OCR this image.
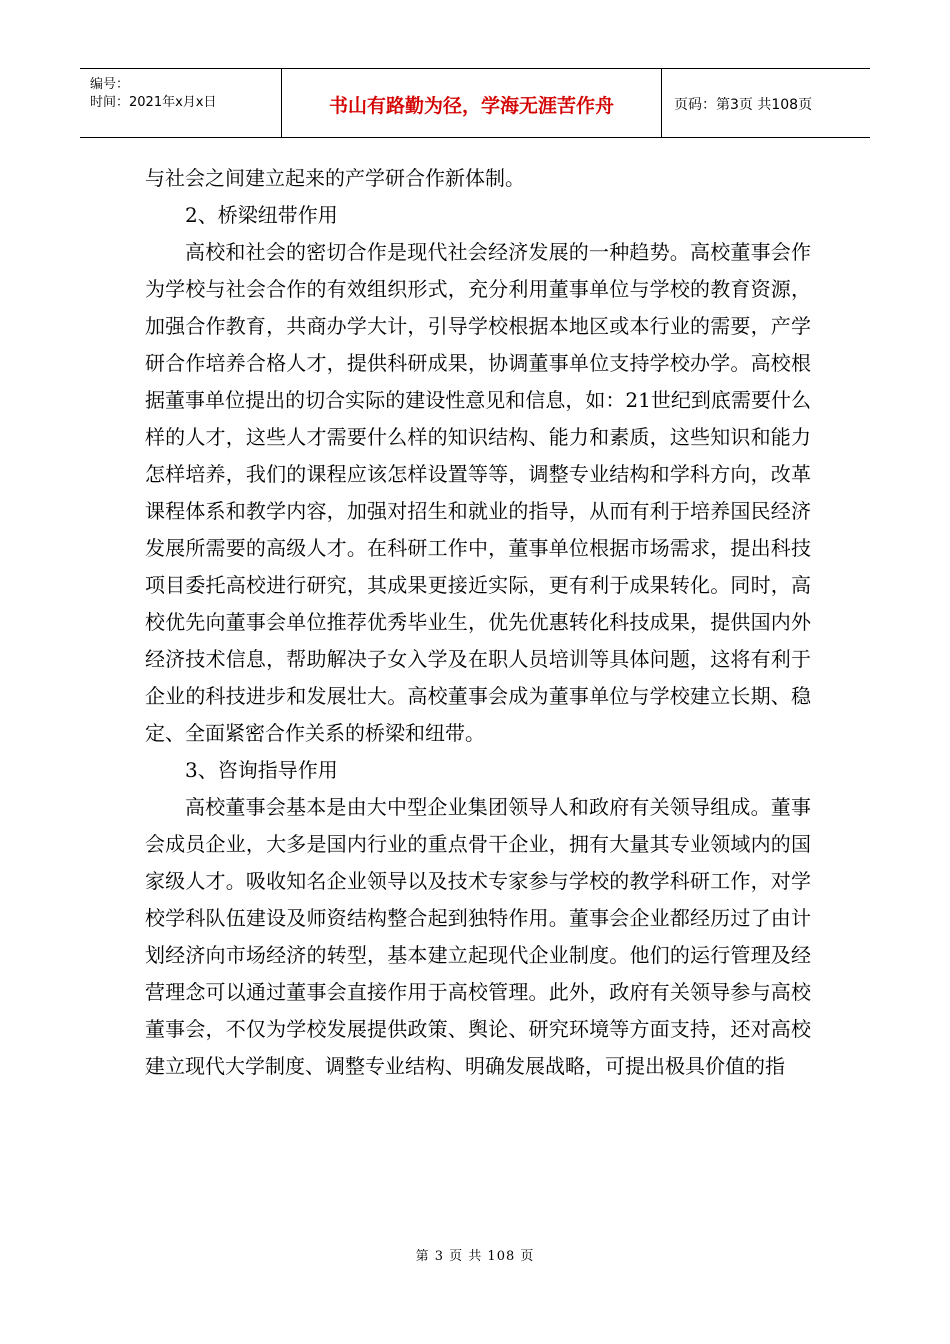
编号：
时间：2021年x月x日	书山有路勤为径，学海无涯苦作舟	页码：第3页 共108页

与社会之间建立起来的产学研合作新体制。

2、桥梁纽带作用

高校和社会的密切合作是现代社会经济发展的一种趋势。高校董事会作为学校与社会合作的有效组织形式，充分利用董事单位与学校的教育资源，加强合作教育，共商办学大计，引导学校根据本地区或本行业的需要，产学研合作培养合格人才，提供科研成果，协调董事单位支持学校办学。高校根据董事单位提出的切合实际的建设性意见和信息，如：21世纪到底需要什么样的人才，这些人才需要什么样的知识结构、能力和素质，这些知识和能力怎样培养，我们的课程应该怎样设置等等，调整专业结构和学科方向，改革课程体系和教学内容，加强对招生和就业的指导，从而有利于培养国民经济发展所需要的高级人才。在科研工作中，董事单位根据市场需求，提出科技项目委托高校进行研究，其成果更接近实际，更有利于成果转化。同时，高校优先向董事会单位推荐优秀毕业生，优先优惠转化科技成果，提供国内外经济技术信息，帮助解决子女入学及在职人员培训等具体问题，这将有利于企业的科技进步和发展壮大。高校董事会成为董事单位与学校建立长期、稳定、全面紧密合作关系的桥梁和纽带。

3、咨询指导作用

高校董事会基本是由大中型企业集团领导人和政府有关领导组成。董事会成员企业，大多是国内行业的重点骨干企业，拥有大量其专业领域内的国家级人才。吸收知名企业领导以及技术专家参与学校的教学科研工作，对学校学科队伍建设及师资结构整合起到独特作用。董事会企业都经历过了由计划经济向市场经济的转型，基本建立起现代企业制度。他们的运行管理及经营理念可以通过董事会直接作用于高校管理。此外，政府有关领导参与高校董事会，不仅为学校发展提供政策、舆论、研究环境等方面支持，还对高校建立现代大学制度、调整专业结构、明确发展战略，可提出极具价值的指

第 3 页 共 108 页
